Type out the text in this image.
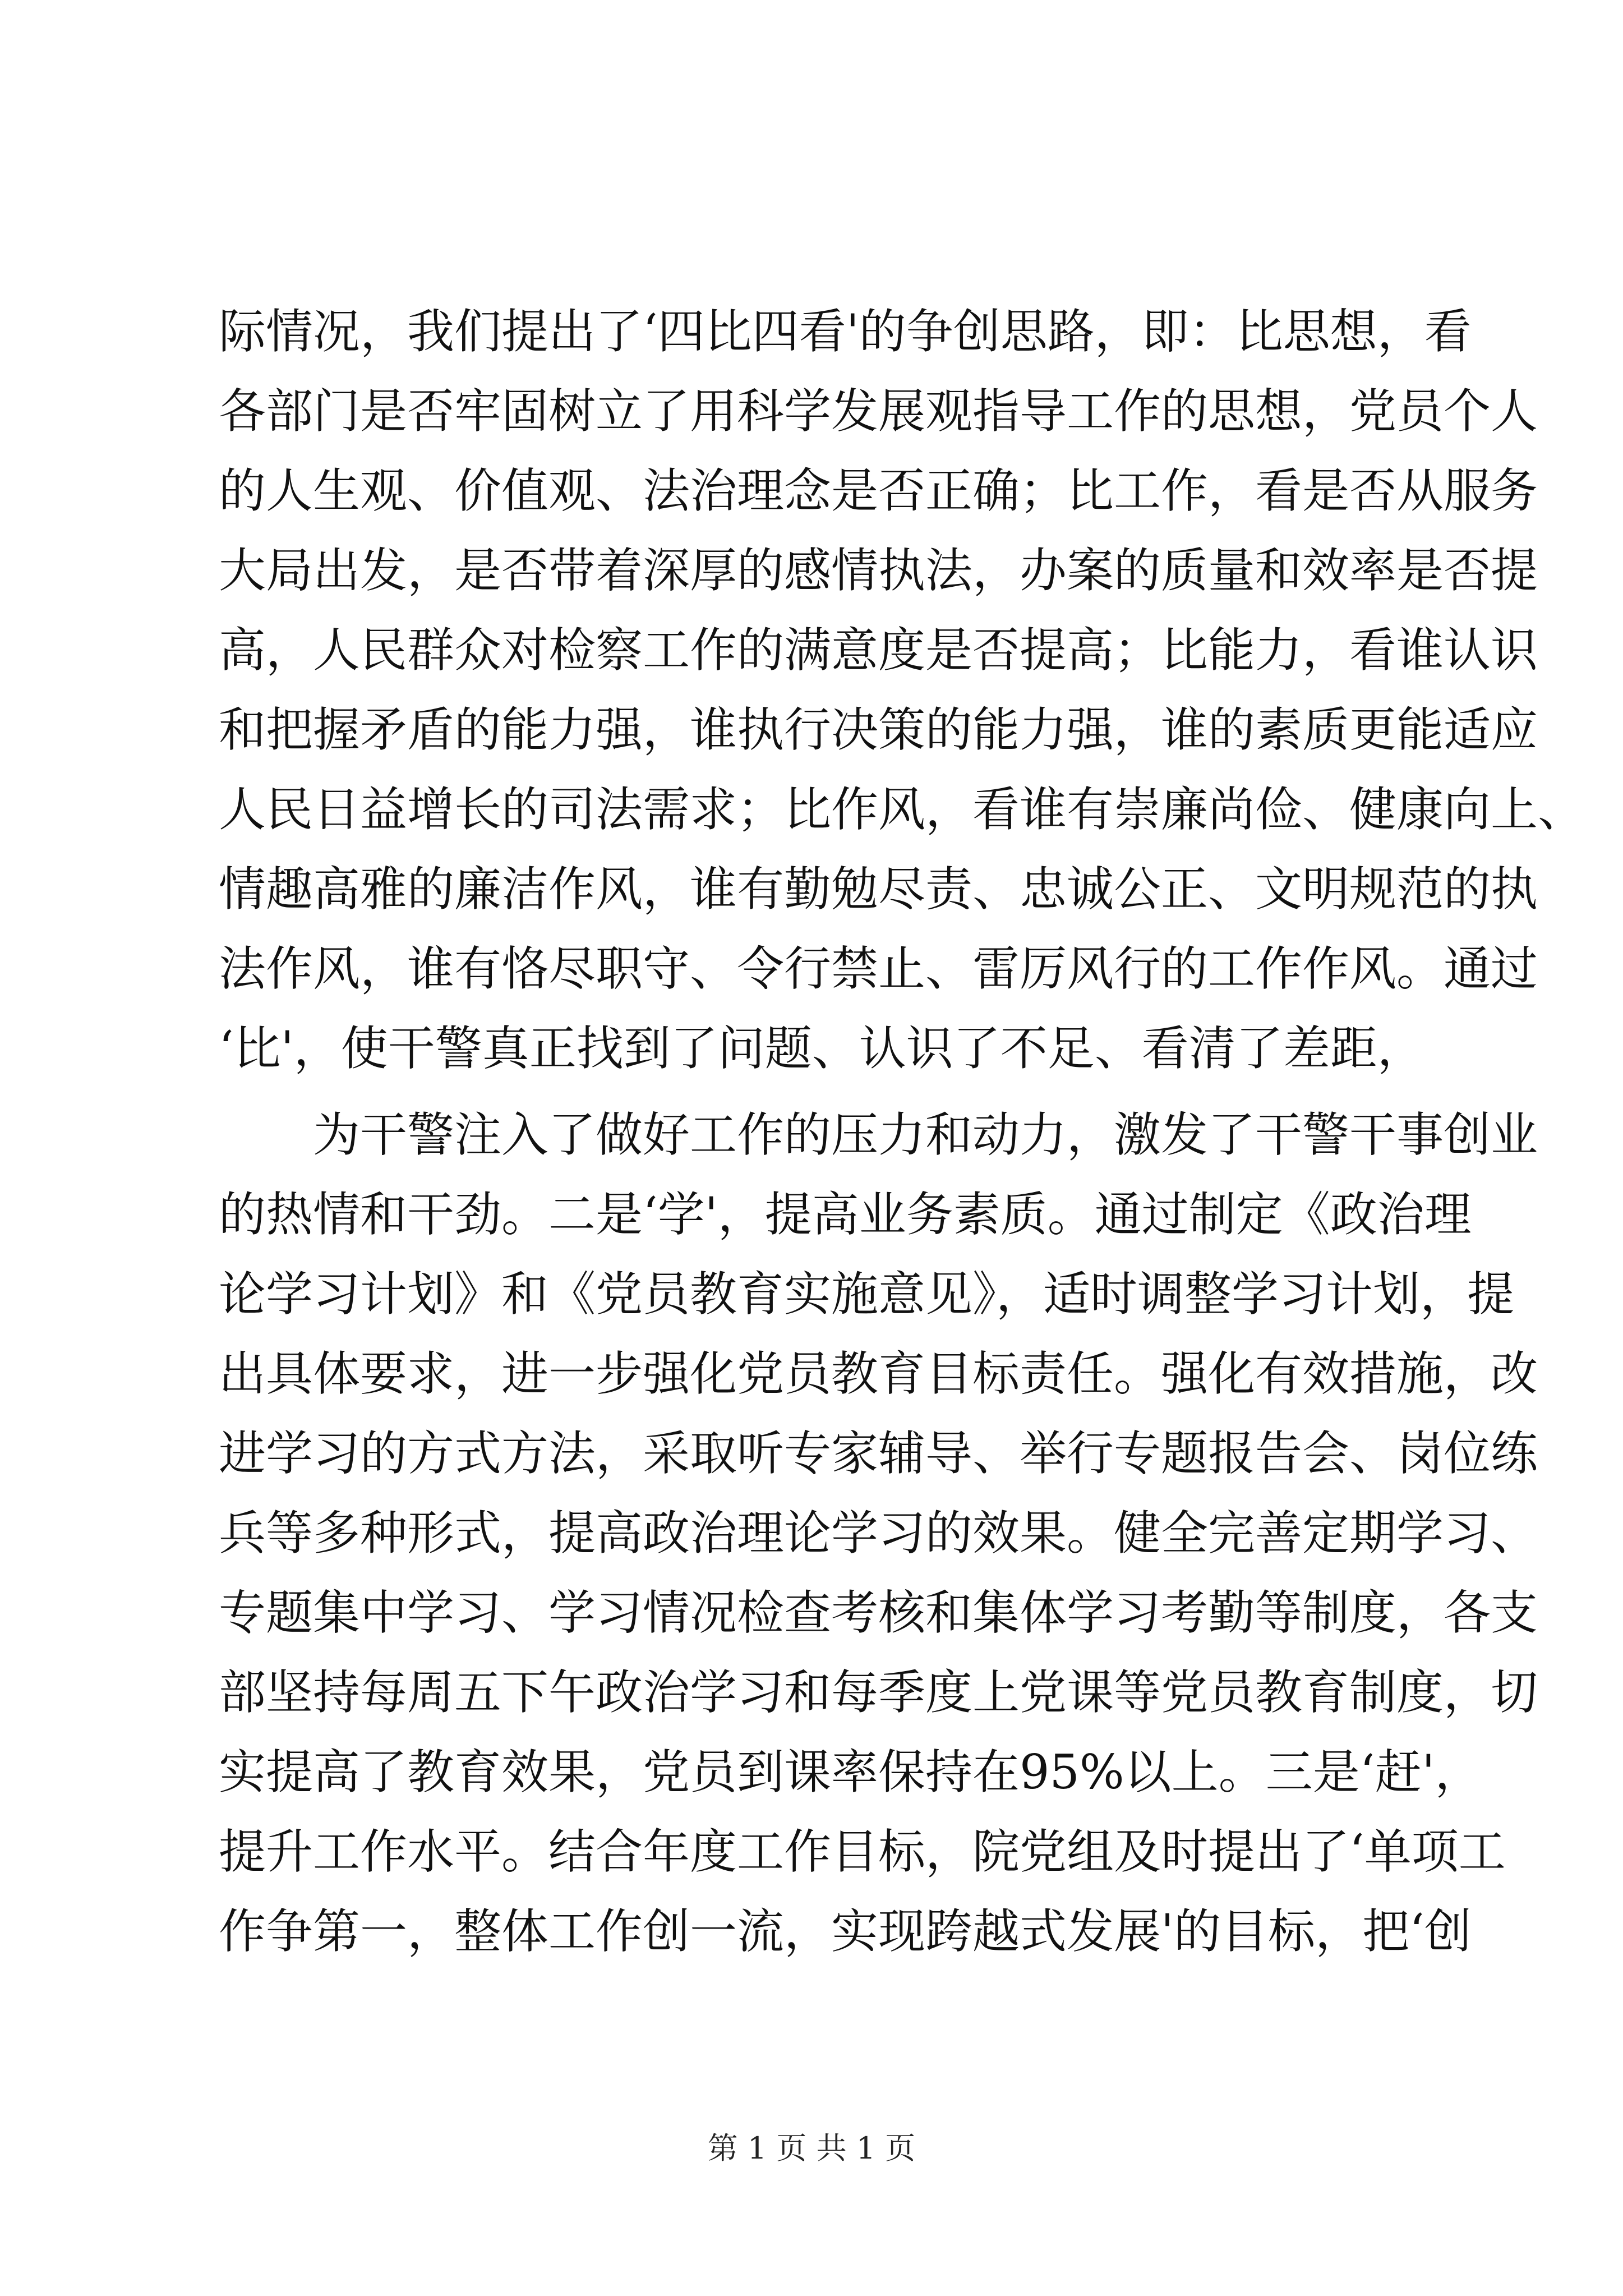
际情况，我们提出了‘四比四看'的争创思路，即：比思想，看
各部门是否牢固树立了用科学发展观指导工作的思想，党员个人
的人生观、价值观、法治理念是否正确；比工作，看是否从服务
大局出发，是否带着深厚的感情执法，办案的质量和效率是否提
高，人民群众对检察工作的满意度是否提高；比能力，看谁认识
和把握矛盾的能力强，谁执行决策的能力强，谁的素质更能适应
人民日益增长的司法需求；比作风，看谁有崇廉尚俭、健康向上、
情趣高雅的廉洁作风，谁有勤勉尽责、忠诚公正、文明规范的执
法作风，谁有恪尽职守、令行禁止、雷厉风行的工作作风。通过
‘比'，使干警真正找到了问题、认识了不足、看清了差距，
为干警注入了做好工作的压力和动力，激发了干警干事创业
的热情和干劲。二是‘学'，提高业务素质。通过制定《政治理
论学习计划》和《党员教育实施意见》，适时调整学习计划，提
出具体要求，进一步强化党员教育目标责任。强化有效措施，改
进学习的方式方法，采取听专家辅导、举行专题报告会、岗位练
兵等多种形式，提高政治理论学习的效果。健全完善定期学习、
专题集中学习、学习情况检查考核和集体学习考勤等制度，各支
部坚持每周五下午政治学习和每季度上党课等党员教育制度，切
实提高了教育效果，党员到课率保持在95%以上。三是‘赶'，
提升工作水平。结合年度工作目标，院党组及时提出了‘单项工
作争第一，整体工作创一流，实现跨越式发展'的目标，把‘创
第 1 页 共 1 页
